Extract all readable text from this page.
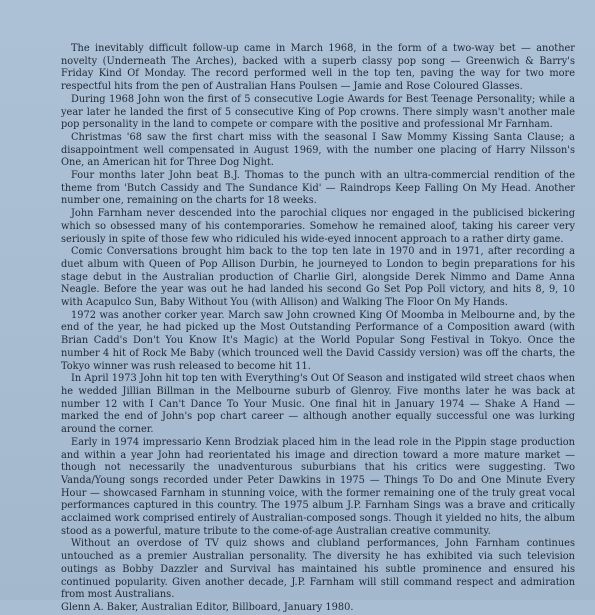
The inevitably difficult follow-up came in March 1968, in the form of a two-way bet — another novelty (Underneath The Arches), backed with a superb classy pop song — Greenwich & Barry's Friday Kind Of Monday. The record performed well in the top ten, paving the way for two more respectful hits from the pen of Australian Hans Poulsen — Jamie and Rose Coloured Glasses.

During 1968 John won the first of 5 consecutive Logie Awards for Best Teenage Personality; while a year later he landed the first of 5 consecutive King of Pop crowns. There simply wasn't another male pop personality in the land to compete or compare with the positive and professional Mr Farnham.

Christmas '68 saw the first chart miss with the seasonal I Saw Mommy Kissing Santa Clause; a disappointment well compensated in August 1969, with the number one placing of Harry Nilsson's One, an American hit for Three Dog Night.

Four months later John beat B.J. Thomas to the punch with an ultra-commercial rendition of the theme from 'Butch Cassidy and The Sundance Kid' — Raindrops Keep Falling On My Head. Another number one, remaining on the charts for 18 weeks.

John Farnham never descended into the parochial cliques nor engaged in the publicised bickering which so obsessed many of his contemporaries. Somehow he remained aloof, taking his career very seriously in spite of those few who ridiculed his wide-eyed innocent approach to a rather dirty game.

Comic Conversations brought him back to the top ten late in 1970 and in 1971, after recording a duet album with Queen of Pop Allison Durbin, he journeyed to London to begin preparations for his stage debut in the Australian production of Charlie Girl, alongside Derek Nimmo and Dame Anna Neagle. Before the year was out he had landed his second Go Set Pop Poll victory, and hits 8, 9, 10 with Acapulco Sun, Baby Without You (with Allison) and Walking The Floor On My Hands.

1972 was another corker year. March saw John crowned King Of Moomba in Melbourne and, by the end of the year, he had picked up the Most Outstanding Performance of a Composition award (with Brian Cadd's Don't You Know It's Magic) at the World Popular Song Festival in Tokyo. Once the number 4 hit of Rock Me Baby (which trounced well the David Cassidy version) was off the charts, the Tokyo winner was rush released to become hit 11.

In April 1973 John hit top ten with Everything's Out Of Season and instigated wild street chaos when he wedded Jillian Billman in the Melbourne suburb of Glenroy. Five months later he was back at number 12 with I Can't Dance To Your Music. One final hit in January 1974 — Shake A Hand — marked the end of John's pop chart career — although another equally successful one was lurking around the corner.

Early in 1974 impressario Kenn Brodziak placed him in the lead role in the Pippin stage production and within a year John had reorientated his image and direction toward a more mature market — though not necessarily the unadventurous suburbians that his critics were suggesting. Two Vanda/Young songs recorded under Peter Dawkins in 1975 — Things To Do and One Minute Every Hour — showcased Farnham in stunning voice, with the former remaining one of the truly great vocal performances captured in this country. The 1975 album J.P. Farnham Sings was a brave and critically acclaimed work comprised entirely of Australian-composed songs. Though it yielded no hits, the album stood as a powerful, mature tribute to the come-of-age Australian creative community.

Without an overdose of TV quiz shows and clubland performances, John Farnham continues untouched as a premier Australian personality. The diversity he has exhibited via such television outings as Bobby Dazzler and Survival has maintained his subtle prominence and ensured his continued popularity. Given another decade, J.P. Farnham will still command respect and admiration from most Australians.

Glenn A. Baker, Australian Editor, Billboard, January 1980.
